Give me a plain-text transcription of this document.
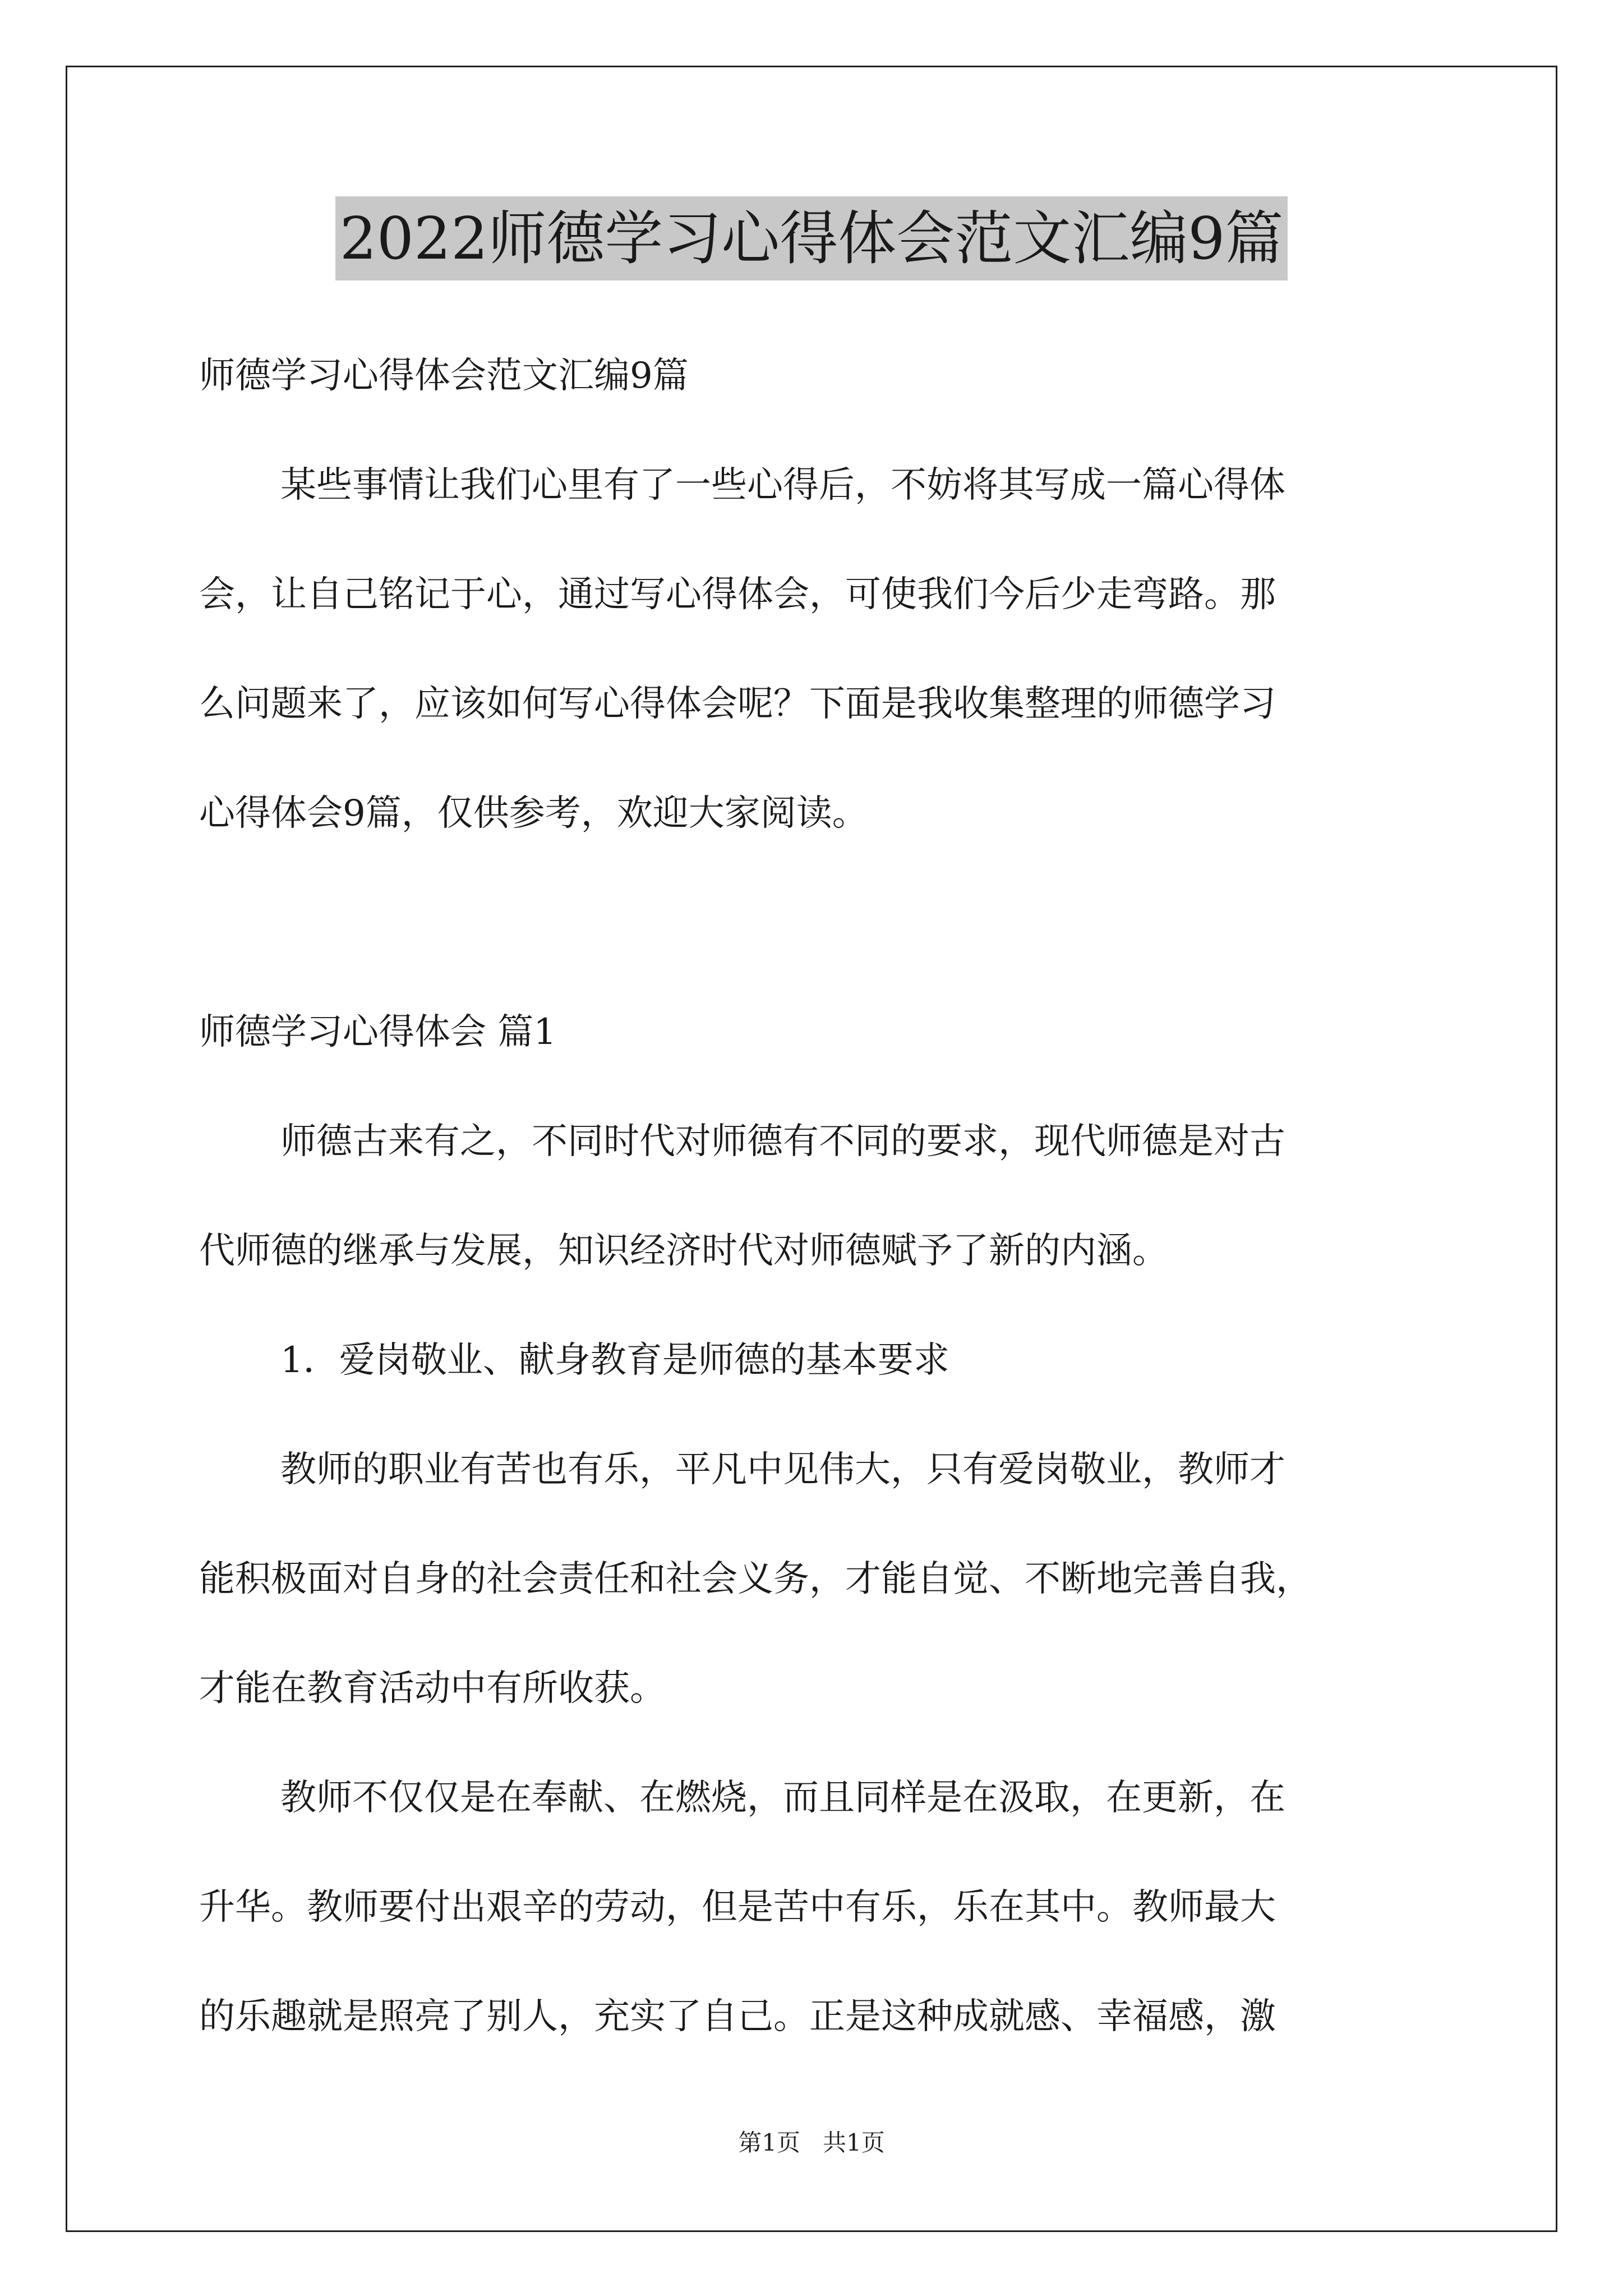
2022师德学习心得体会范文汇编9篇
师德学习心得体会范文汇编9篇
某些事情让我们心里有了一些心得后，不妨将其写成一篇心得体
会，让自己铭记于心，通过写心得体会，可使我们今后少走弯路。那
么问题来了，应该如何写心得体会呢？下面是我收集整理的师德学习
心得体会9篇，仅供参考，欢迎大家阅读。
师德学习心得体会 篇1
师德古来有之，不同时代对师德有不同的要求，现代师德是对古
代师德的继承与发展，知识经济时代对师德赋予了新的内涵。
1．爱岗敬业、献身教育是师德的基本要求
教师的职业有苦也有乐，平凡中见伟大，只有爱岗敬业，教师才
能积极面对自身的社会责任和社会义务，才能自觉、不断地完善自我，
才能在教育活动中有所收获。
教师不仅仅是在奉献、在燃烧，而且同样是在汲取，在更新，在
升华。教师要付出艰辛的劳动，但是苦中有乐，乐在其中。教师最大
的乐趣就是照亮了别人，充实了自己。正是这种成就感、幸福感，激
第1页   共1页
